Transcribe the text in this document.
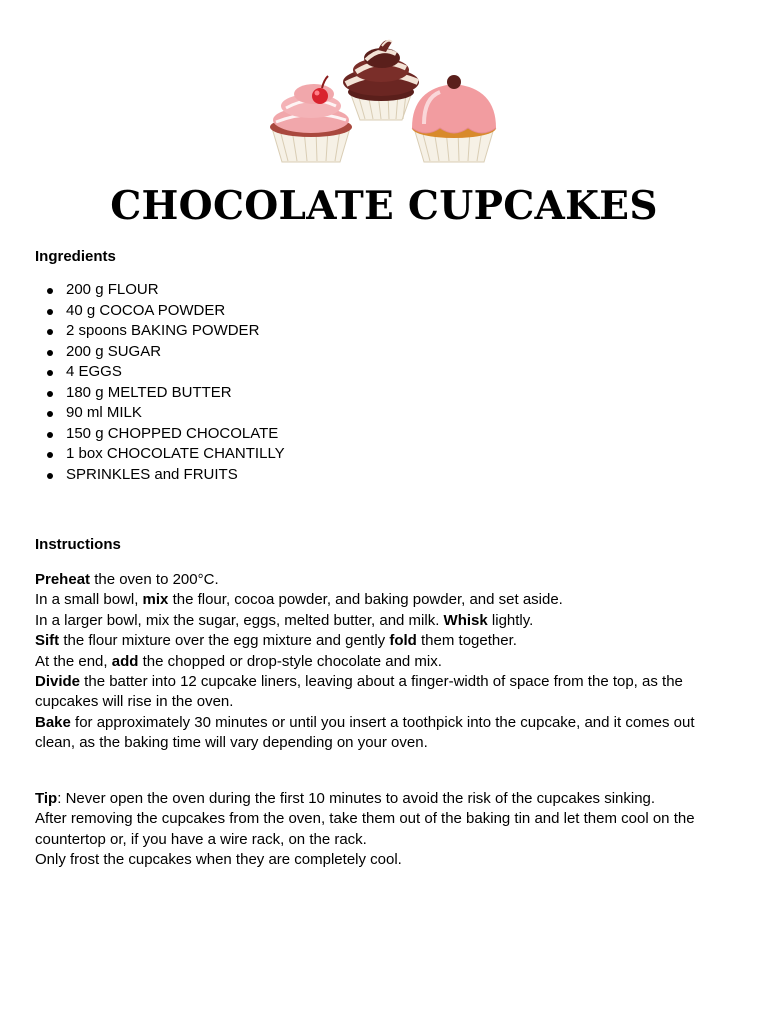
CHOCOLATE CUPCAKES
Ingredients
200 g FLOUR
40 g COCOA POWDER
2 spoons BAKING POWDER
200 g SUGAR
4 EGGS
180 g MELTED BUTTER
90 ml MILK
150 g CHOPPED CHOCOLATE
1 box CHOCOLATE CHANTILLY
SPRINKLES and FRUITS
Instructions

Preheat the oven to 200°C.

In a small bowl, mix the flour, cocoa powder, and baking powder, and set aside.

In a larger bowl, mix the sugar, eggs, melted butter, and milk. Whisk lightly.

Sift the flour mixture over the egg mixture and gently fold them together.

At the end, add the chopped or drop-style chocolate and mix.

Divide the batter into 12 cupcake liners, leaving about a finger-width of space from the top, as the cupcakes will rise in the oven.

Bake for approximately 30 minutes or until you insert a toothpick into the cupcake, and it comes out clean, as the baking time will vary depending on your oven.

Tip: Never open the oven during the first 10 minutes to avoid the risk of the cupcakes sinking.

After removing the cupcakes from the oven, take them out of the baking tin and let them cool on the countertop or, if you have a wire rack, on the rack.

Only frost the cupcakes when they are completely cool.
